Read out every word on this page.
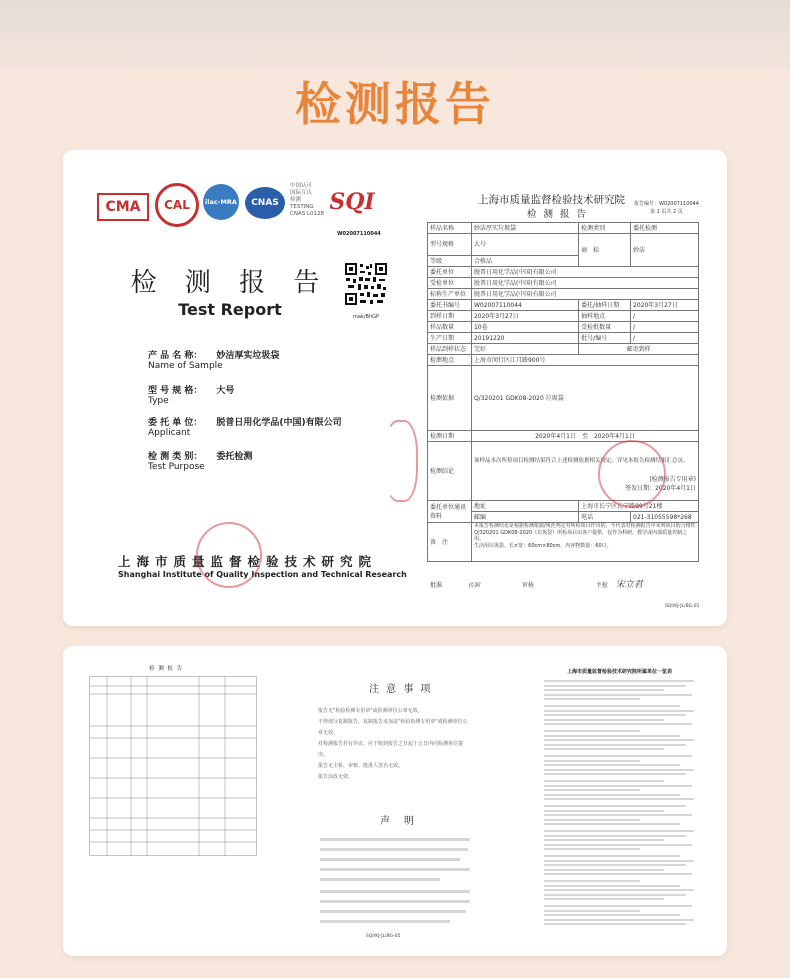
检测报告
CMA CAL ilac-MRA CNAS
中国认可
国际互认
检测
TESTING
CNAS L0128 SQI
W02007110044
检 测 报 告
Test Report	mak/BhGP
产 品 名 称： 妙洁厚实垃圾袋
Name of Sample
型 号 规 格： 大号
Type
委 托 单 位： 脱普日用化学品(中国)有限公司
Applicant
检 测 类 别： 委托检测
Test Purpose
上海市质量监督检验技术研究院
Shanghai Institute of Quality Inspection and Technical Research
上海市质量监督检验技术研究院
检 测 报 告
报告编号：W02007110044
第 1 页共 2 页
样品名称	妙洁厚实垃圾袋	检测类别	委托检测
型号规格	大号	商　标	妙洁
等级	合格品		
委托单位	脱普日用化学品(中国)有限公司		
受检单位	脱普日用化学品(中国)有限公司		
标称生产单位	脱普日用化学品(中国)有限公司		
委托书编号	W02007110044	委托/抽样日期	2020年3月27日
到样日期	2020年3月27日	抽样地点	/
样品数量	10卷	受检批数量	/
生产日期	20191220	批号/编号	/
样品到样状态	完好	邮寄到样	
检测地点	上海市闵行区江月路900号		
检测依据	Q/320201 GDK08-2020 垃圾袋		
检测日期	2020年4月1日　至　2020年4月1日		
检测结论	该样品本次所检项目检测结果符合上述检测依据相关规定。详见本报告检测结果汇总页。
(检测报告专用章)
签发日期：2020年4月1日		

委托单位通讯资料	地址	上海市长宁区长宁路99号21楼	
	邮编	电话	021-31055598*268
备　注	本报告检测结论是根据检测依据/规范判定对所检项目作出的，不代表对检测报告中未列项目的合格性
Q/320201 GDK08-2020《垃圾袋》所检项目由客户提供，仅作为科研、教学或内部质量控制之用。
生活用垃圾袋、长×宽：60cm×80cm，内容物数量：60只。		
批准	仇颖	审核	主检 宋立君
SQI/KJ-JL/BG-01
检 测 报 告
SQI/KJ-JL/BG-05
注 意 事 项
报告无"检验检测专用章"或检测单位公章无效。
不得部分复制报告，复制报告未加盖"检验检测专用章"或检测单位公章无效。
对检测报告若有异议，应于收到报告之日起十五日内向检测单位提出。
报告无主检、审核、批准人签名无效。
报告涂改无效。
声　明
上海市质量监督检验技术研究院所属单位一览表
